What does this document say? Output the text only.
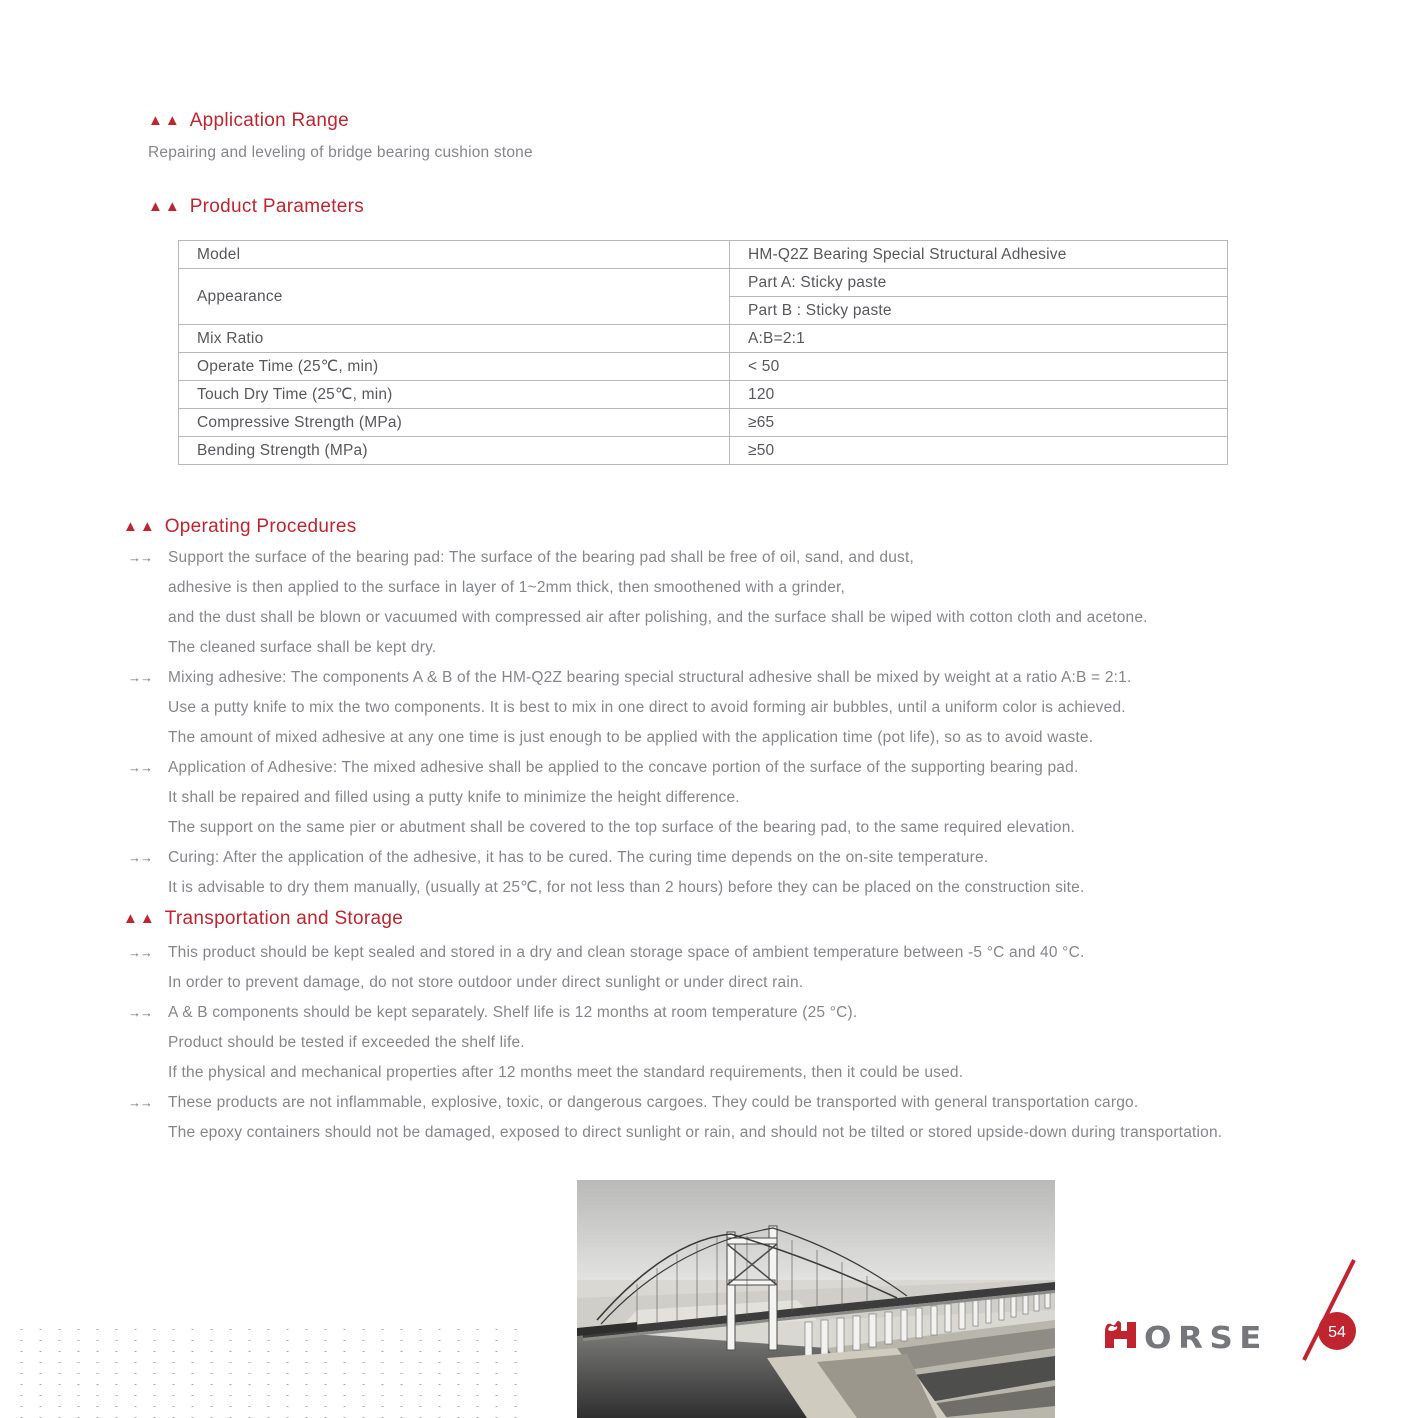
▲▲ Application Range
Repairing and leveling of bridge bearing cushion stone
▲▲ Product Parameters
Model	HM-Q2Z Bearing Special Structural Adhesive
Appearance	Part A: Sticky paste
	Part B : Sticky paste
Mix Ratio	A:B=2:1
Operate Time (25℃, min)	< 50
Touch Dry Time (25℃, min)	120
Compressive Strength (MPa)	≥65
Bending Strength (MPa)	≥50
▲▲ Operating Procedures
→→ Support the surface of the bearing pad: The surface of the bearing pad shall be free of oil, sand, and dust,
adhesive is then applied to the surface in layer of 1~2mm thick, then smoothened with a grinder,
and the dust shall be blown or vacuumed with compressed air after polishing, and the surface shall be wiped with cotton cloth and acetone.
The cleaned surface shall be kept dry.
→→ Mixing adhesive: The components A & B of the HM-Q2Z bearing special structural adhesive shall be mixed by weight at a ratio A:B = 2:1.
Use a putty knife to mix the two components. It is best to mix in one direct to avoid forming air bubbles, until a uniform color is achieved.
The amount of mixed adhesive at any one time is just enough to be applied with the application time (pot life), so as to avoid waste.
→→ Application of Adhesive: The mixed adhesive shall be applied to the concave portion of the surface of the supporting bearing pad.
It shall be repaired and filled using a putty knife to minimize the height difference.
The support on the same pier or abutment shall be covered to the top surface of the bearing pad, to the same required elevation.
→→ Curing: After the application of the adhesive, it has to be cured. The curing time depends on the on-site temperature.
It is advisable to dry them manually, (usually at 25℃, for not less than 2 hours) before they can be placed on the construction site.
▲▲ Transportation and Storage
→→ This product should be kept sealed and stored in a dry and clean storage space of ambient temperature between -5 °C and 40 °C.
In order to prevent damage, do not store outdoor under direct sunlight or under direct rain.
→→ A & B components should be kept separately. Shelf life is 12 months at room temperature (25 °C).
Product should be tested if exceeded the shelf life.
If the physical and mechanical properties after 12 months meet the standard requirements, then it could be used.
→→ These products are not inflammable, explosive, toxic, or dangerous cargoes. They could be transported with general transportation cargo.
The epoxy containers should not be damaged, exposed to direct sunlight or rain, and should not be tilted or stored upside-down during transportation.
ORSE	54
